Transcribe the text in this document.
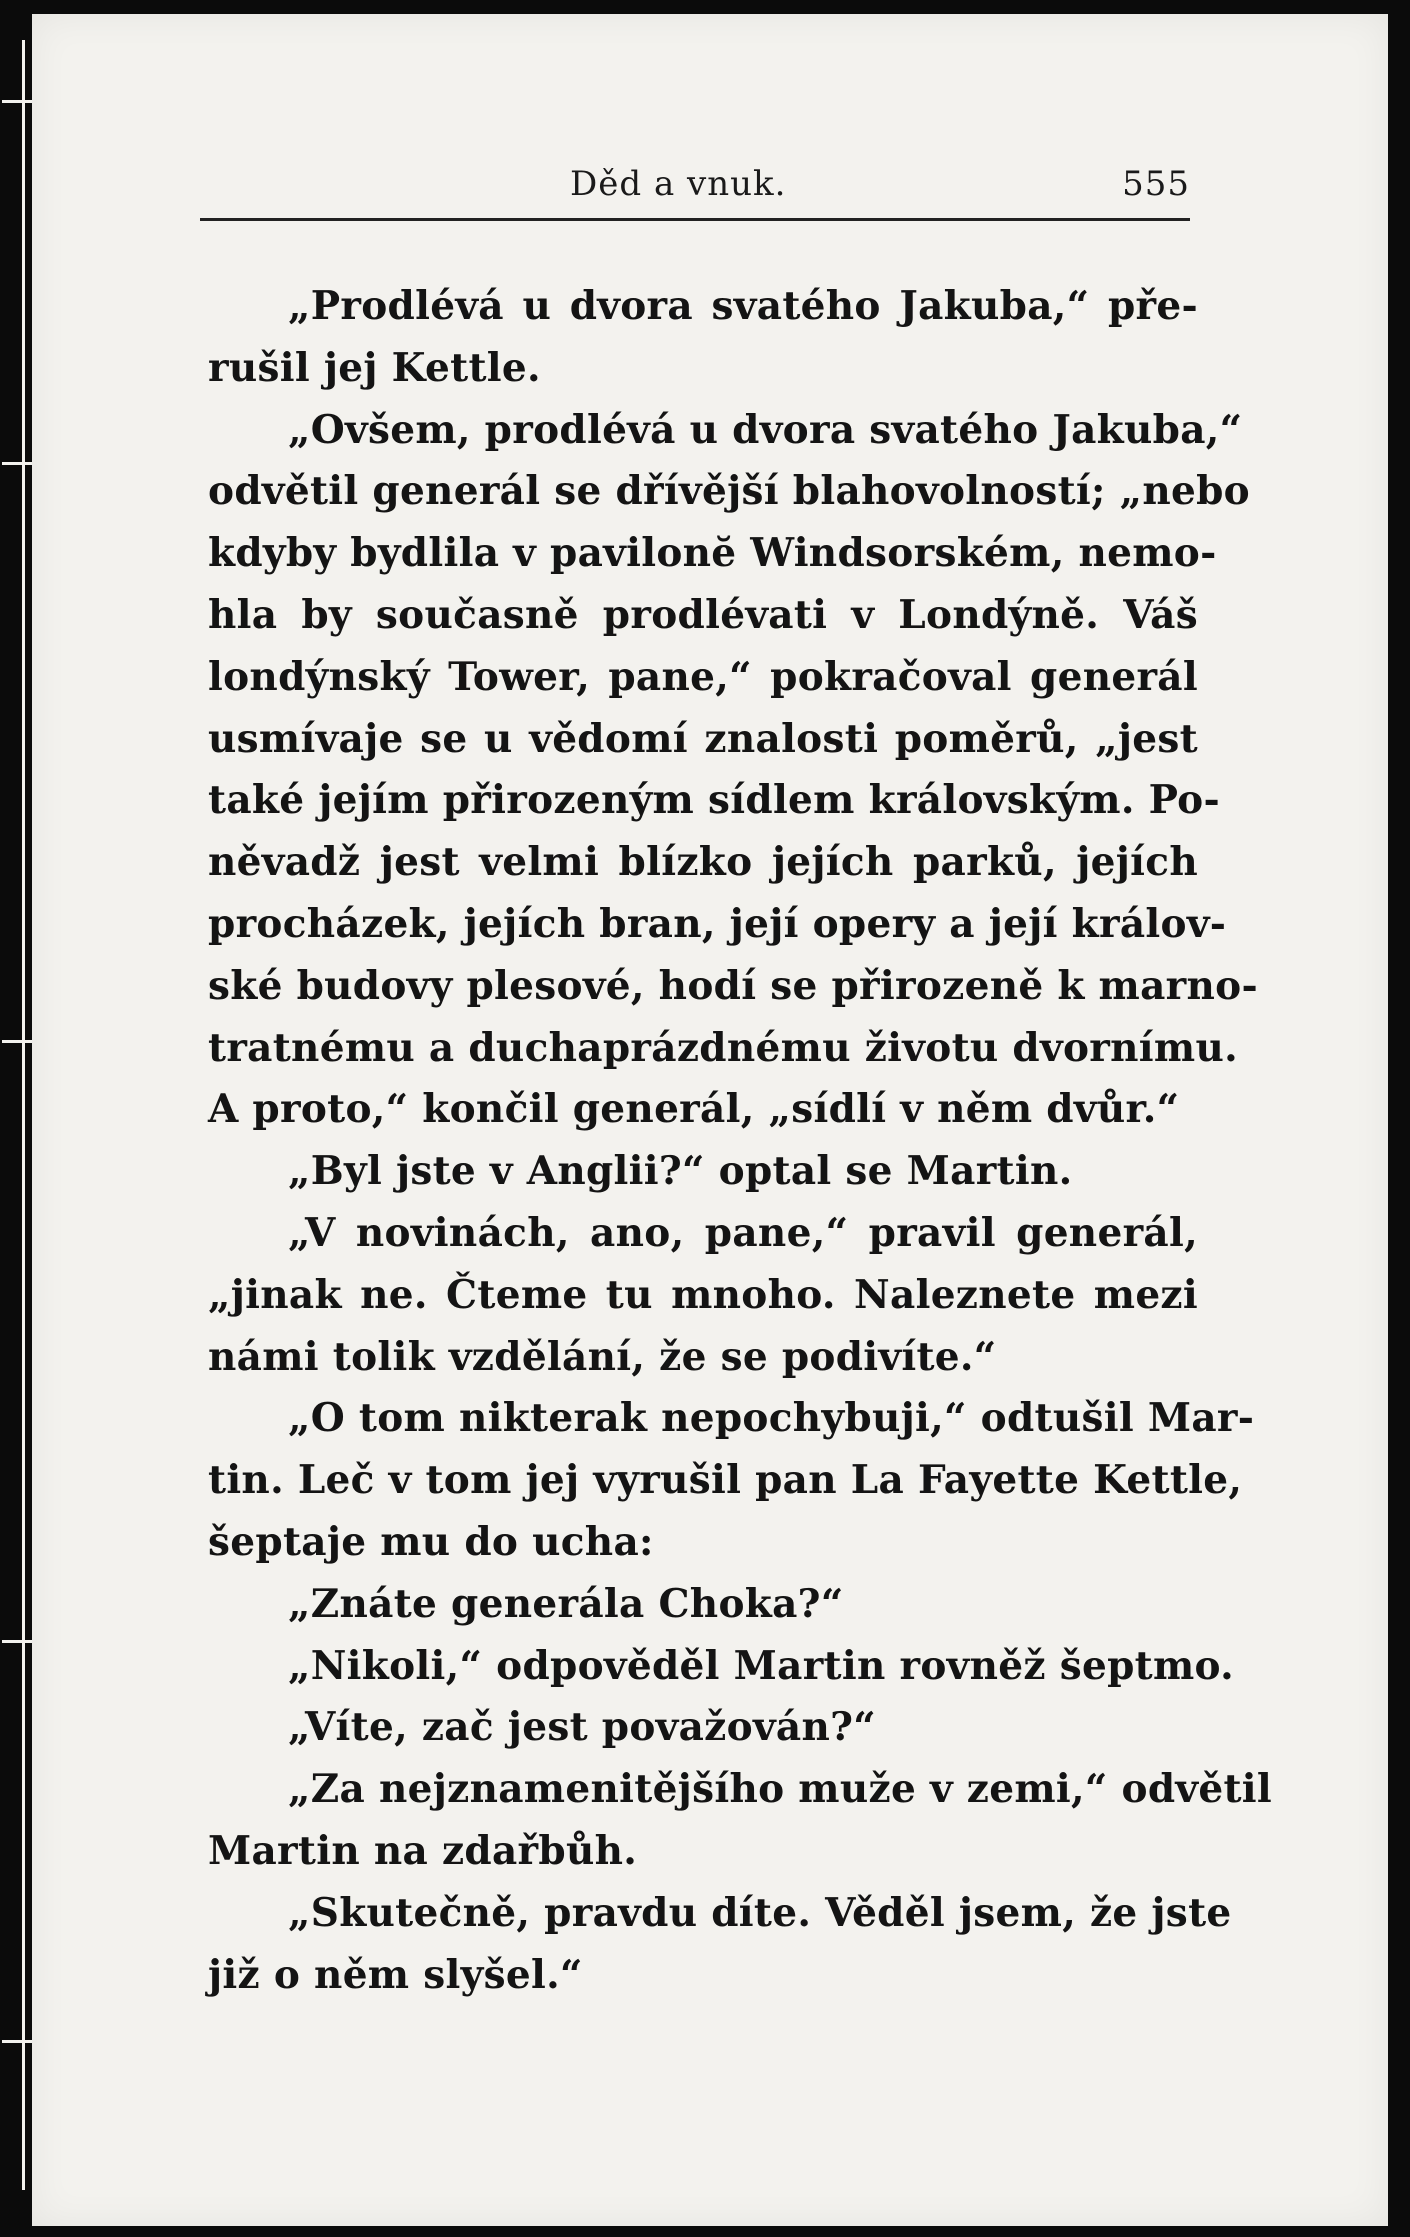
Děd a vnuk.	555
„Prodlévá u dvora svatého Jakuba,“ pře-
rušil jej Kettle.
„Ovšem, prodlévá u dvora svatého Jakuba,“
odvětil generál se dřívější blahovolností; „nebo
kdyby bydlila v pavilonĕ Windsorském, nemo-
hla by současně prodlévati v Londýně. Váš
londýnský Tower, pane,“ pokračoval generál
usmívaje se u vědomí znalosti poměrů, „jest
také jejím přirozeným sídlem královským. Po-
něvadž jest velmi blízko jejích parků, jejích
procházek, jejích bran, její opery a její králov-
ské budovy plesové, hodí se přirozeně k marno-
tratnému a duchaprázdnému životu dvornímu.
A proto,“ končil generál, „sídlí v něm dvůr.“
„Byl jste v Anglii?“ optal se Martin.
„V novinách, ano, pane,“ pravil generál,
„jinak ne. Čteme tu mnoho. Naleznete mezi
námi tolik vzdělání, že se podivíte.“
„O tom nikterak nepochybuji,“ odtušil Mar-
tin. Leč v tom jej vyrušil pan La Fayette Kettle,
šeptaje mu do ucha:
„Znáte generála Choka?“
„Nikoli,“ odpověděl Martin rovněž šeptmo.
„Víte, zač jest považován?“
„Za nejznamenitějšího muže v zemi,“ odvětil
Martin na zdařbůh.
„Skutečně, pravdu díte. Věděl jsem, že jste
již o něm slyšel.“
